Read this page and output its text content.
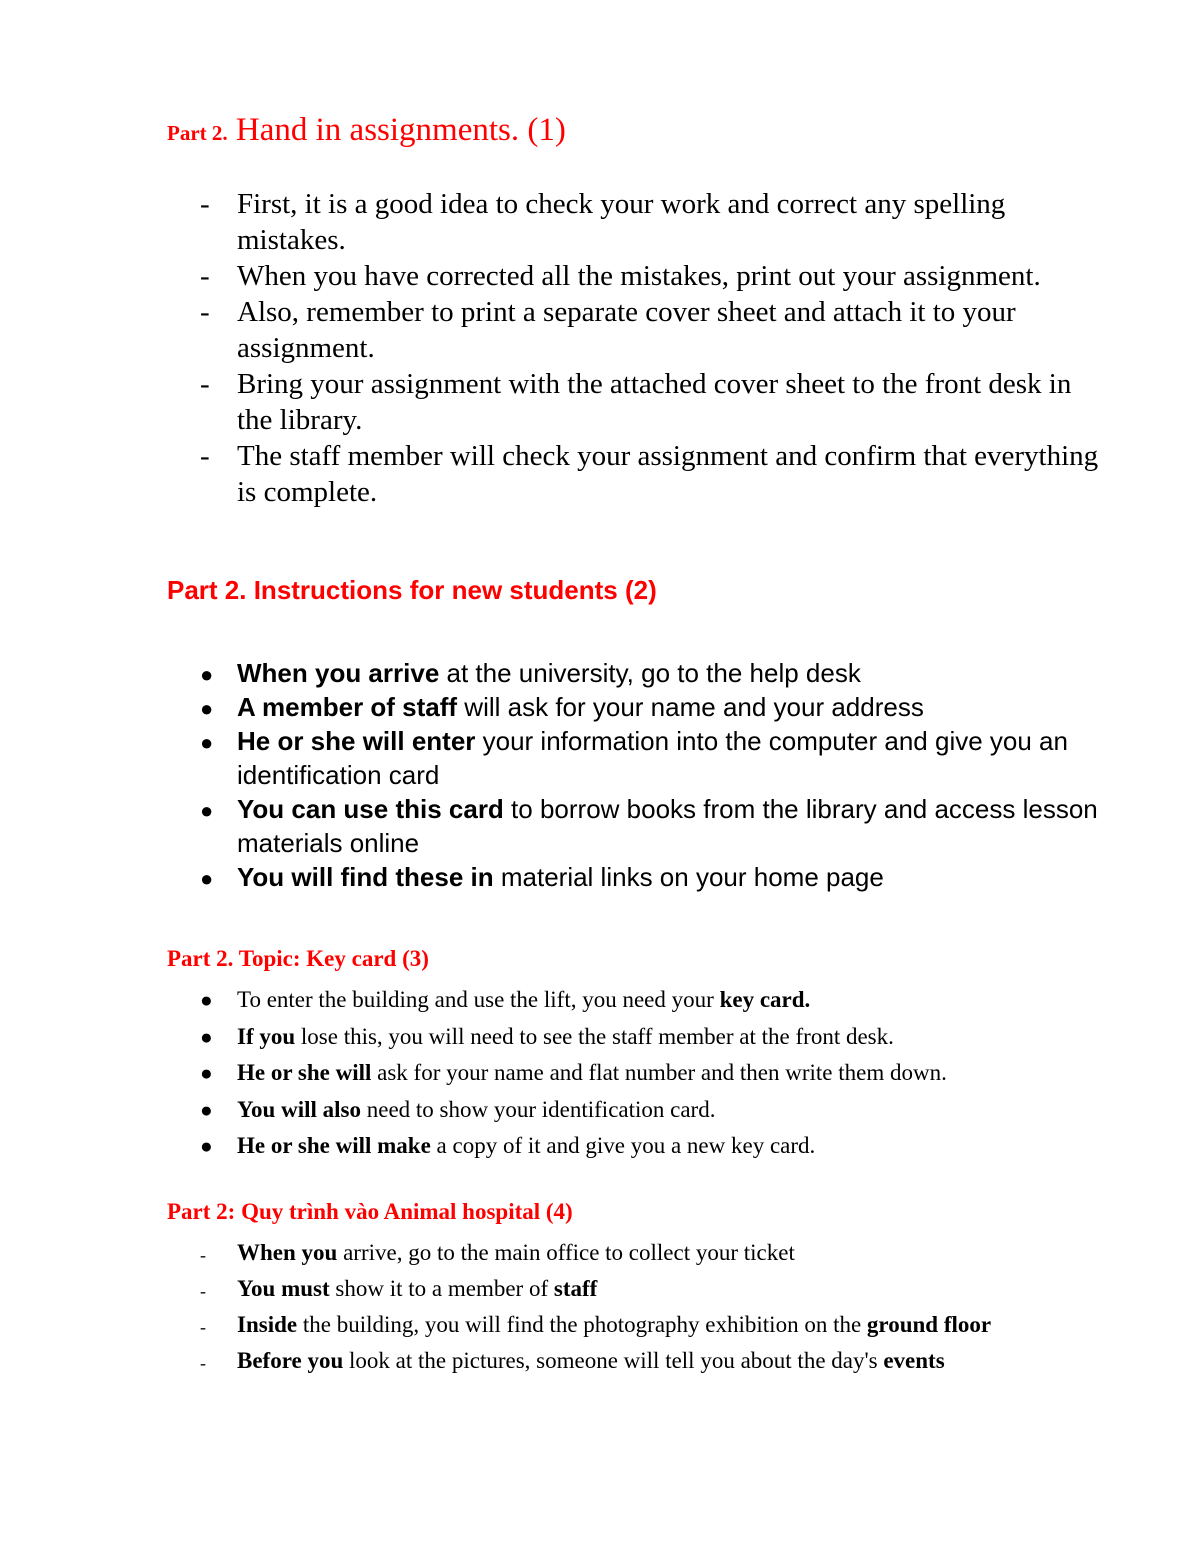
Part 2. Hand in assignments. (1)
- First, it is a good idea to check your work and correct any spelling mistakes.
- When you have corrected all the mistakes, print out your assignment.
- Also, remember to print a separate cover sheet and attach it to your assignment.
- Bring your assignment with the attached cover sheet to the front desk in the library.
- The staff member will check your assignment and confirm that everything is complete.
Part 2. Instructions for new students (2)
● When you arrive at the university, go to the help desk
● A member of staff will ask for your name and your address
● He or she will enter your information into the computer and give you an identification card
● You can use this card to borrow books from the library and access lesson materials online
● You will find these in material links on your home page
Part 2. Topic: Key card (3)
● To enter the building and use the lift, you need your key card.
● If you lose this, you will need to see the staff member at the front desk.
● He or she will ask for your name and flat number and then write them down.
● You will also need to show your identification card.
● He or she will make a copy of it and give you a new key card.
Part 2: Quy trình vào Animal hospital (4)
- When you arrive, go to the main office to collect your ticket
- You must show it to a member of staff
- Inside the building, you will find the photography exhibition on the ground floor
- Before you look at the pictures, someone will tell you about the day's events
